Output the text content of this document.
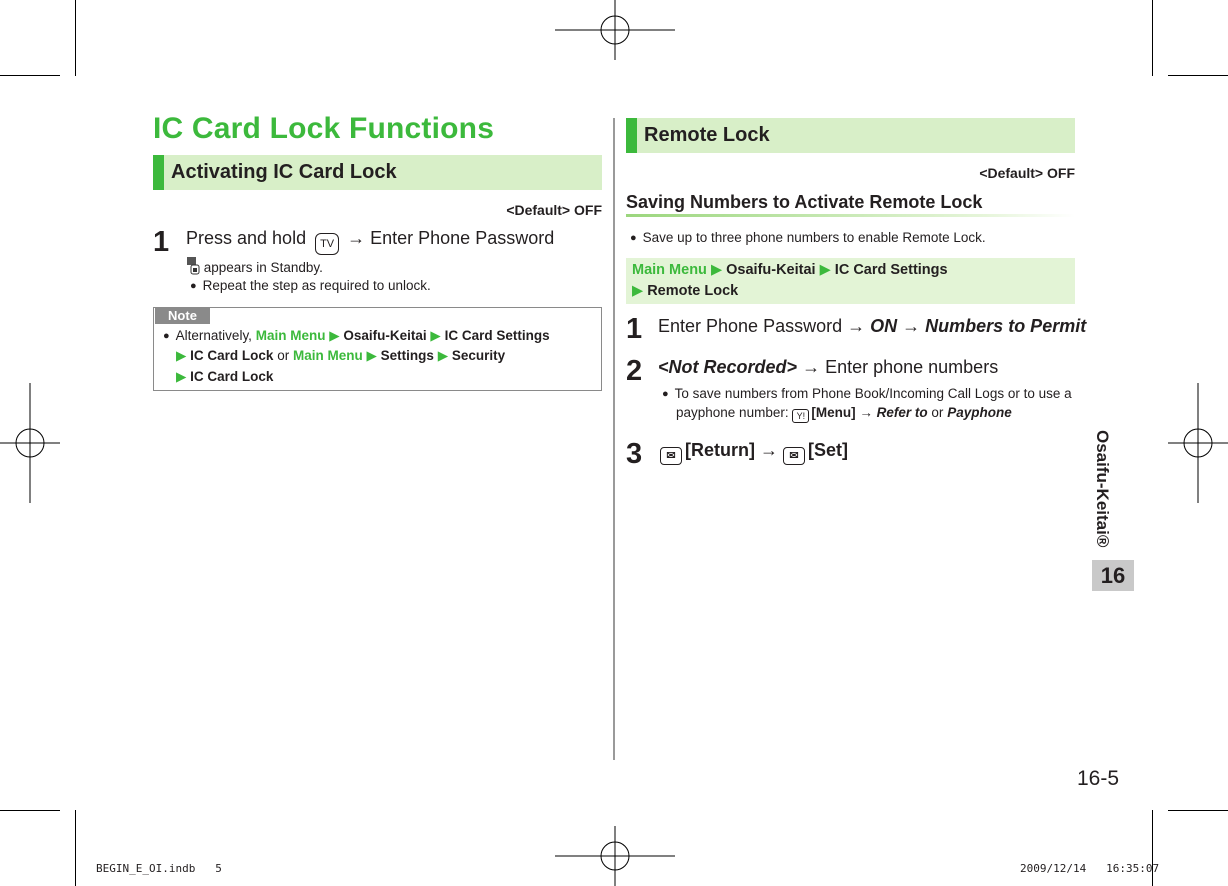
IC Card Lock Functions
Activating IC Card Lock
<Default> OFF
1 Press and hold TV → Enter Phone Password
appears in Standby.
● Repeat the step as required to unlock.
Note
● Alternatively, Main Menu ▶ Osaifu-Keitai ▶ IC Card Settings
▶ IC Card Lock or Main Menu ▶ Settings ▶ Security
▶ IC Card Lock
Remote Lock
<Default> OFF
Saving Numbers to Activate Remote Lock
● Save up to three phone numbers to enable Remote Lock.
Main Menu ▶ Osaifu-Keitai ▶ IC Card Settings
▶ Remote Lock
1 Enter Phone Password → ON → Numbers to Permit
2 <Not Recorded> → Enter phone numbers
● To save numbers from Phone Book/Incoming Call Logs or to use a
payphone number: Y! [Menu] → Refer to or Payphone
3	✉ [Return] → ✉ [Set]	Osaifu-Keitai®
16
16-5
BEGIN_E_OI.indb   5	2009/12/14   16:35:07
